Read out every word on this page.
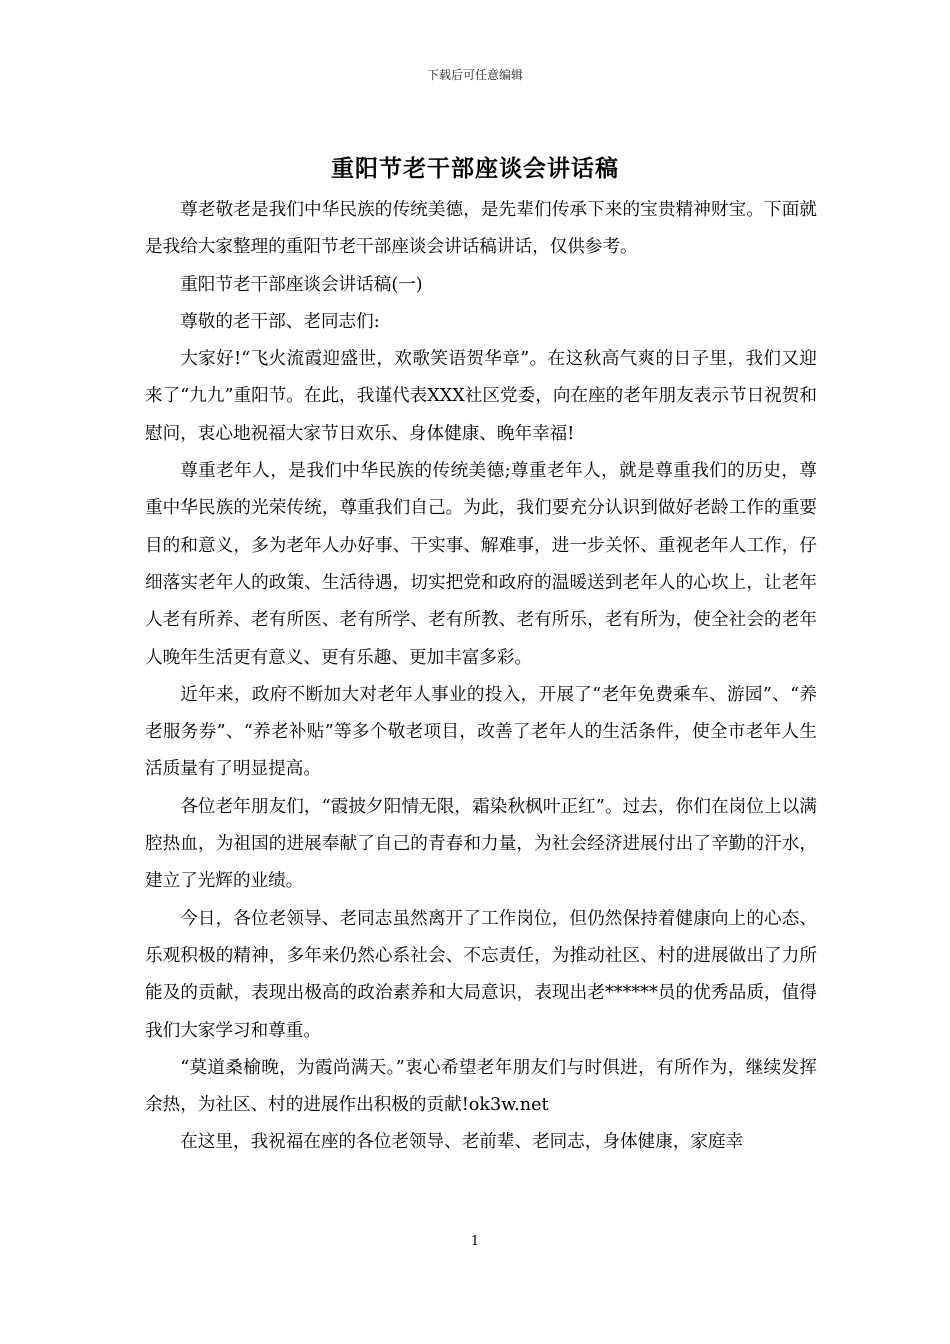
下载后可任意编辑
重阳节老干部座谈会讲话稿

尊老敬老是我们中华民族的传统美德，是先辈们传承下来的宝贵精神财宝。下面就是我给大家整理的重阳节老干部座谈会讲话稿讲话，仅供参考。

重阳节老干部座谈会讲话稿(一)

尊敬的老干部、老同志们:

大家好!“飞火流霞迎盛世，欢歌笑语贺华章”。在这秋高气爽的日子里，我们又迎来了“九九”重阳节。在此，我谨代表XXX社区党委，向在座的老年朋友表示节日祝贺和慰问，衷心地祝福大家节日欢乐、身体健康、晚年幸福!

尊重老年人，是我们中华民族的传统美德;尊重老年人，就是尊重我们的历史，尊重中华民族的光荣传统，尊重我们自己。为此，我们要充分认识到做好老龄工作的重要目的和意义，多为老年人办好事、干实事、解难事，进一步关怀、重视老年人工作，仔细落实老年人的政策、生活待遇，切实把党和政府的温暖送到老年人的心坎上，让老年人老有所养、老有所医、老有所学、老有所教、老有所乐，老有所为，使全社会的老年人晚年生活更有意义、更有乐趣、更加丰富多彩。

近年来，政府不断加大对老年人事业的投入，开展了“老年免费乘车、游园”、“养老服务券”、“养老补贴”等多个敬老项目，改善了老年人的生活条件，使全市老年人生活质量有了明显提高。

各位老年朋友们，“霞披夕阳情无限，霜染秋枫叶正红”。过去，你们在岗位上以满腔热血，为祖国的进展奉献了自己的青春和力量，为社会经济进展付出了辛勤的汗水，建立了光辉的业绩。

今日，各位老领导、老同志虽然离开了工作岗位，但仍然保持着健康向上的心态、乐观积极的精神，多年来仍然心系社会、不忘责任，为推动社区、村的进展做出了力所能及的贡献，表现出极高的政治素养和大局意识，表现出老******员的优秀品质，值得我们大家学习和尊重。

“莫道桑榆晚，为霞尚满天。”衷心希望老年朋友们与时俱进，有所作为，继续发挥余热，为社区、村的进展作出积极的贡献!ok3w.net

在这里，我祝福在座的各位老领导、老前辈、老同志，身体健康，家庭幸

1
